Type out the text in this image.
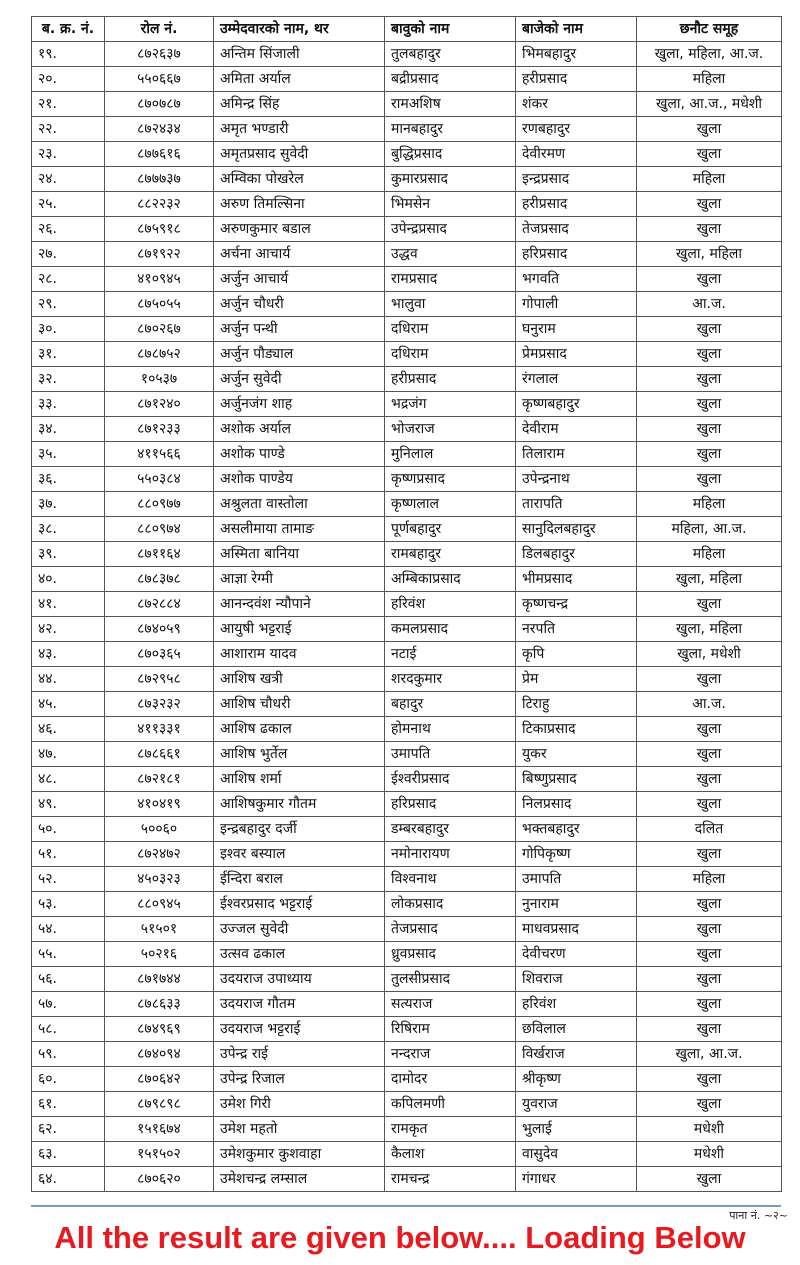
ब. क्र. नं.	रोल नं.	उम्मेदवारको नाम, थर	बावुको नाम	बाजेको नाम	छनौट समूह
१९.	८७२६३७	अन्तिम सिंजाली	तुलबहादुर	भिमबहादुर	खुला, महिला, आ.ज.
२०.	५५०६६७	अमिता अर्याल	बद्रीप्रसाद	हरीप्रसाद	महिला
२१.	८७०७८७	अमिन्द्र सिंह	रामअशिष	शंकर	खुला, आ.ज., मधेशी
२२.	८७२४३४	अमृत भण्डारी	मानबहादुर	रणबहादुर	खुला
२३.	८७७६१६	अमृतप्रसाद सुवेदी	बुद्धिप्रसाद	देवीरमण	खुला
२४.	८७७७३७	अम्विका पोखरेल	कुमारप्रसाद	इन्द्रप्रसाद	महिला
२५.	८८२२३२	अरुण तिमल्सिना	भिमसेन	हरीप्रसाद	खुला
२६.	८७५९१८	अरुणकुमार बडाल	उपेन्द्रप्रसाद	तेजप्रसाद	खुला
२७.	८७१९२२	अर्चना आचार्य	उद्धव	हरिप्रसाद	खुला, महिला
२८.	४१०९४५	अर्जुन आचार्य	रामप्रसाद	भगवति	खुला
२९.	८७५०५५	अर्जुन चौधरी	भालुवा	गोपाली	आ.ज.
३०.	८७०२६७	अर्जुन पन्थी	दधिराम	घनुराम	खुला
३१.	८७८७५२	अर्जुन पौड्याल	दधिराम	प्रेमप्रसाद	खुला
३२.	१०५३७	अर्जुन सुवेदी	हरीप्रसाद	रंगलाल	खुला
३३.	८७१२४०	अर्जुनजंग शाह	भद्रजंग	कृष्णबहादुर	खुला
३४.	८७१२३३	अशोक अर्याल	भोजराज	देवीराम	खुला
३५.	४११५६६	अशोक पाण्डे	मुनिलाल	तिलाराम	खुला
३६.	५५०३८४	अशोक पाण्डेय	कृष्णप्रसाद	उपेन्द्रनाथ	खुला
३७.	८८०९७७	अश्रुलता वास्तोला	कृष्णलाल	तारापति	महिला
३८.	८८०९७४	असलीमाया तामाङ	पूर्णबहादुर	सानुदिलबहादुर	महिला, आ.ज.
३९.	८७११६४	अस्मिता बानिया	रामबहादुर	डिलबहादुर	महिला
४०.	८७८३७८	आज्ञा रेग्मी	अम्बिकाप्रसाद	भीमप्रसाद	खुला, महिला
४१.	८७२८८४	आनन्दवंश न्यौपाने	हरिवंश	कृष्णचन्द्र	खुला
४२.	८७४०५९	आयुषी भट्टराई	कमलप्रसाद	नरपति	खुला, महिला
४३.	८७०३६५	आशाराम यादव	नटाई	कृपि	खुला, मधेशी
४४.	८७२९५८	आशिष खत्री	शरदकुमार	प्रेम	खुला
४५.	८७३२३२	आशिष चौधरी	बहादुर	टिराहु	आ.ज.
४६.	४११३३१	आशिष ढकाल	होमनाथ	टिकाप्रसाद	खुला
४७.	८७८६६१	आशिष भुर्तेल	उमापति	युकर	खुला
४८.	८७२१८१	आशिष शर्मा	ईश्वरीप्रसाद	बिष्णुप्रसाद	खुला
४९.	४१०४१९	आशिषकुमार गौतम	हरिप्रसाद	निलप्रसाद	खुला
५०.	५००६०	इन्द्रबहादुर दर्जी	डम्बरबहादुर	भक्तबहादुर	दलित
५१.	८७२४७२	इश्वर बस्याल	नमोनारायण	गोपिकृष्ण	खुला
५२.	४५०३२३	ईन्दिरा बराल	विश्वनाथ	उमापति	महिला
५३.	८८०९४५	ईश्वरप्रसाद भट्टराई	लोकप्रसाद	नुनाराम	खुला
५४.	५१५०१	उज्जल सुवेदी	तेजप्रसाद	माधवप्रसाद	खुला
५५.	५०२१६	उत्सव ढकाल	ध्रुवप्रसाद	देवीचरण	खुला
५६.	८७१७४४	उदयराज उपाध्याय	तुलसीप्रसाद	शिवराज	खुला
५७.	८७८६३३	उदयराज गौतम	सत्यराज	हरिवंश	खुला
५८.	८७४९६९	उदयराज भट्टराई	रिषिराम	छविलाल	खुला
५९.	८७४०९४	उपेन्द्र राई	नन्दराज	विर्खराज	खुला, आ.ज.
६०.	८७०६४२	उपेन्द्र रिजाल	दामोदर	श्रीकृष्ण	खुला
६१.	८७९८९८	उमेश गिरी	कपिलमणी	युवराज	खुला
६२.	१५१६७४	उमेश महतो	रामकृत	भुलाई	मधेशी
६३.	१५१५०२	उमेशकुमार कुशवाहा	कैलाश	वासुदेव	मधेशी
६४.	८७०६२०	उमेशचन्द्र लम्साल	रामचन्द्र	गंगाधर	खुला
पाना नं. ~२~
All the result are given below.... Loading Below
